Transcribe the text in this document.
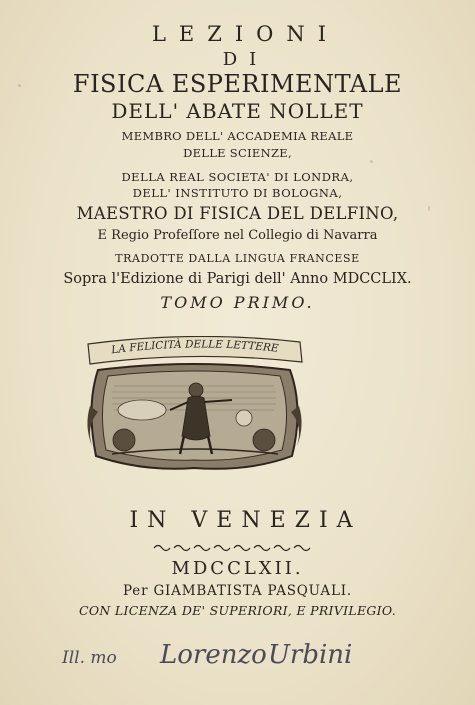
LEZIONI
DI
FISICA ESPERIMENTALE
DELL' ABATE NOLLET
MEMBRO DELL' ACCADEMIA REALE
DELLE SCIENZE,
DELLA REAL SOCIETA' DI LONDRA,
DELL' INSTITUTO DI BOLOGNA,
MAESTRO DI FISICA DEL DELFINO,
E Regio Profeſſore nel Collegio di Navarra
TRADOTTE DALLA LINGUA FRANCESE
Sopra l'Edizione di Parigi dell' Anno MDCCLIX.
TOMO PRIMO.
LA FELICITÀ DELLE LETTERE
IN VENEZIA
MDCCLXII.
Per GIAMBATISTA PASQUALI.
CON LICENZA DE' SUPERIORI, E PRIVILEGIO.
Ill. mo Lorenzo Urbini
